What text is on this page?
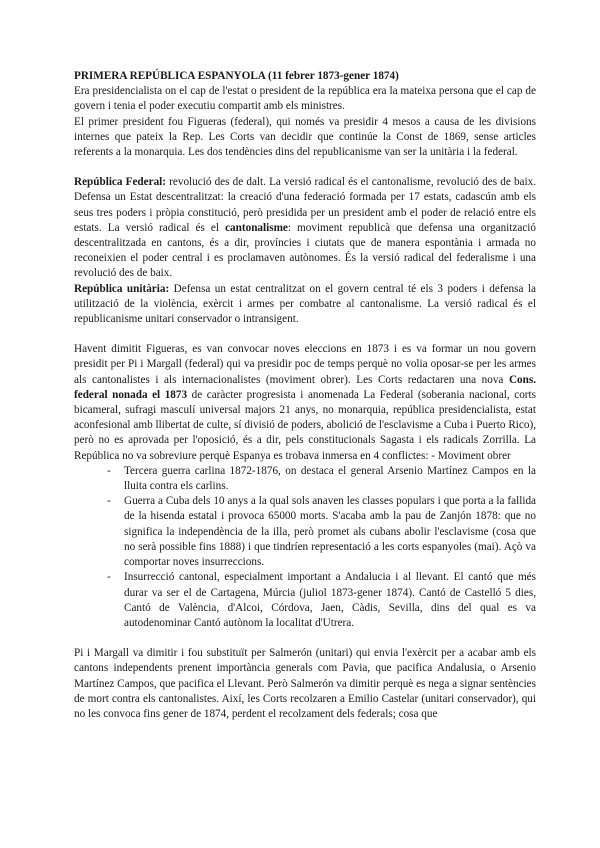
PRIMERA REPÚBLICA ESPANYOLA (11 febrer 1873-gener 1874)

Era presidencialista on el cap de l'estat o president de la república era la mateixa persona que el cap de govern i tenia el poder executiu compartit amb els ministres.

El primer president fou Figueras (federal), qui només va presidir 4 mesos a causa de les divisions internes que pateix la Rep. Les Corts van decidir que continúe la Const de 1869, sense articles referents a la monarquia. Les dos tendències dins del republicanisme van ser la unitària i la federal.

República Federal: revolució des de dalt. La versió radical és el cantonalisme, revolució des de baix. Defensa un Estat descentralitzat: la creació d'una federació formada per 17 estats, cadascún amb els seus tres poders i pròpia constitució, però presidida per un president amb el poder de relació entre els estats. La versió radical és el cantonalisme: moviment republicà que defensa una organització descentralitzada en cantons, és a dir, províncies i ciutats que de manera espontània i armada no reconeixien el poder central i es proclamaven autònomes. És la versió radical del federalisme i una revolució des de baix.

República unitària: Defensa un estat centralitzat on el govern central té els 3 poders i defensa la utilització de la violència, exèrcit i armes per combatre al cantonalisme. La versió radical és el republicanisme unitari conservador o intransigent.

Havent dimitit Figueras, es van convocar noves eleccions en 1873 i es va formar un nou govern presidit per Pi i Margall (federal) qui va presidir poc de temps perquè no volia oposar-se per les armes als cantonalistes i als internacionalistes (moviment obrer). Les Corts redactaren una nova Cons. federal nonada el 1873 de caràcter progresista i anomenada La Federal (soberania nacional, corts bicameral, sufragi masculí universal majors 21 anys, no monarquia, república presidencialista, estat aconfesional amb llibertat de culte, sí divisió de poders, abolició de l'esclavisme a Cuba i Puerto Rico), però no es aprovada per l'oposició, és a dir, pels constitucionals Sagasta i els radicals Zorrilla. La República no va sobreviure perquè Espanya es trobava inmersa en 4 conflictes: - Moviment obrer

- Tercera guerra carlina 1872-1876, on destaca el general Arsenio Martínez Campos en la lluita contra els carlins.
- Guerra a Cuba dels 10 anys a la qual sols anaven les classes populars i que porta a la fallida de la hisenda estatal i provoca 65000 morts. S'acaba amb la pau de Zanjón 1878: que no significa la independència de la illa, però promet als cubans abolir l'esclavisme (cosa que no serà possible fins 1888) i que tindríen representació a les corts espanyoles (mai). Açò va comportar noves insurreccions.
- Insurrecció cantonal, especialment important a Andalucia i al llevant. El cantó que més durar va ser el de Cartagena, Múrcia (juliol 1873-gener 1874). Cantó de Castelló 5 dies, Cantó de València, d'Alcoi, Córdova, Jaen, Càdis, Sevilla, dins del qual es va autodenominar Cantó autònom la localitat d'Utrera.

Pi i Margall va dimitir i fou substituït per Salmerón (unitari) qui envia l'exèrcit per a acabar amb els cantons independents prenent importància generals com Pavia, que pacifica Andalusia, o Arsenio Martínez Campos, que pacifica el Llevant. Però Salmerón va dimitir perquè es nega a signar sentències de mort contra els cantonalistes. Així, les Corts recolzaren a Emilio Castelar (unitari conservador), qui no les convoca fins gener de 1874, perdent el recolzament dels federals; cosa que
